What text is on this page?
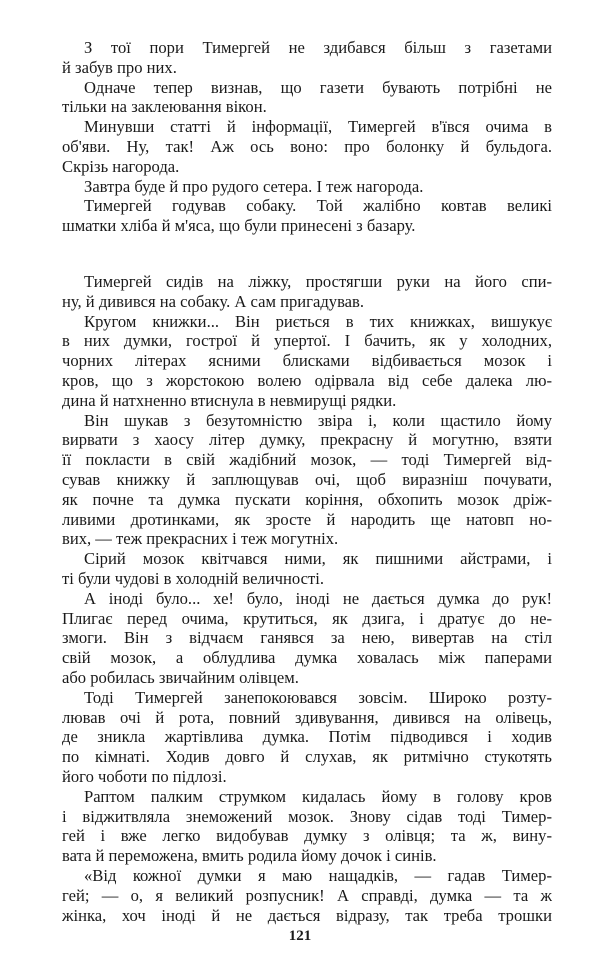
З тої пори Тимергей не здибався більш з газетами
й забув про них.
Одначе тепер визнав, що газети бувають потрібні не
тільки на заклеювання вікон.
Минувши статті й інформації, Тимергей в'ївся очима в
об'яви. Ну, так! Аж ось воно: про болонку й бульдога.
Скрізь нагорода.
Завтра буде й про рудого сетера. І теж нагорода.
Тимергей годував собаку. Той жалібно ковтав великі
шматки хліба й м'яса, що були принесені з базару.
Тимергей сидів на ліжку, простягши руки на його спи-
ну, й дивився на собаку. А сам пригадував.
Кругом книжки... Він риється в тих книжках, вишукує
в них думки, гострої й упертої. І бачить, як у холодних,
чорних літерах ясними блисками відбивається мозок і
кров, що з жорстокою волею одірвала від себе далека лю-
дина й натхненно втиснула в невмирущі рядки.
Він шукав з безутомністю звіра і, коли щастило йому
вирвати з хаосу літер думку, прекрасну й могутню, взяти
її покласти в свій жадібний мозок, — тоді Тимергей від-
сував книжку й заплющував очі, щоб виразніш почувати,
як почне та думка пускати коріння, обхопить мозок дріж-
ливими дротинками, як зросте й народить ще натовп но-
вих, — теж прекрасних і теж могутніх.
Сірий мозок квітчався ними, як пишними айстрами, і
ті були чудові в холодній величності.
А іноді було... хе! було, іноді не дається думка до рук!
Плигає перед очима, крутиться, як дзига, і дратує до не-
змоги. Він з відчаєм ганявся за нею, вивертав на стіл
свій мозок, а облудлива думка ховалась між паперами
або робилась звичайним олівцем.
Тоді Тимергей занепокоювався зовсім. Широко розту-
лював очі й рота, повний здивування, дивився на олівець,
де зникла жартівлива думка. Потім підводився і ходив
по кімнаті. Ходив довго й слухав, як ритмічно стукотять
його чоботи по підлозі.
Раптом палким струмком кидалась йому в голову кров
і віджитвляла знеможений мозок. Знову сідав тоді Тимер-
гей і вже легко видобував думку з олівця; та ж, вину-
вата й переможена, вмить родила йому дочок і синів.
«Від кожної думки я маю нащадків, — гадав Тимер-
гей; — о, я великий розпусник! А справді, думка — та ж
жінка, хоч іноді й не дається відразу, так треба трошки
121
